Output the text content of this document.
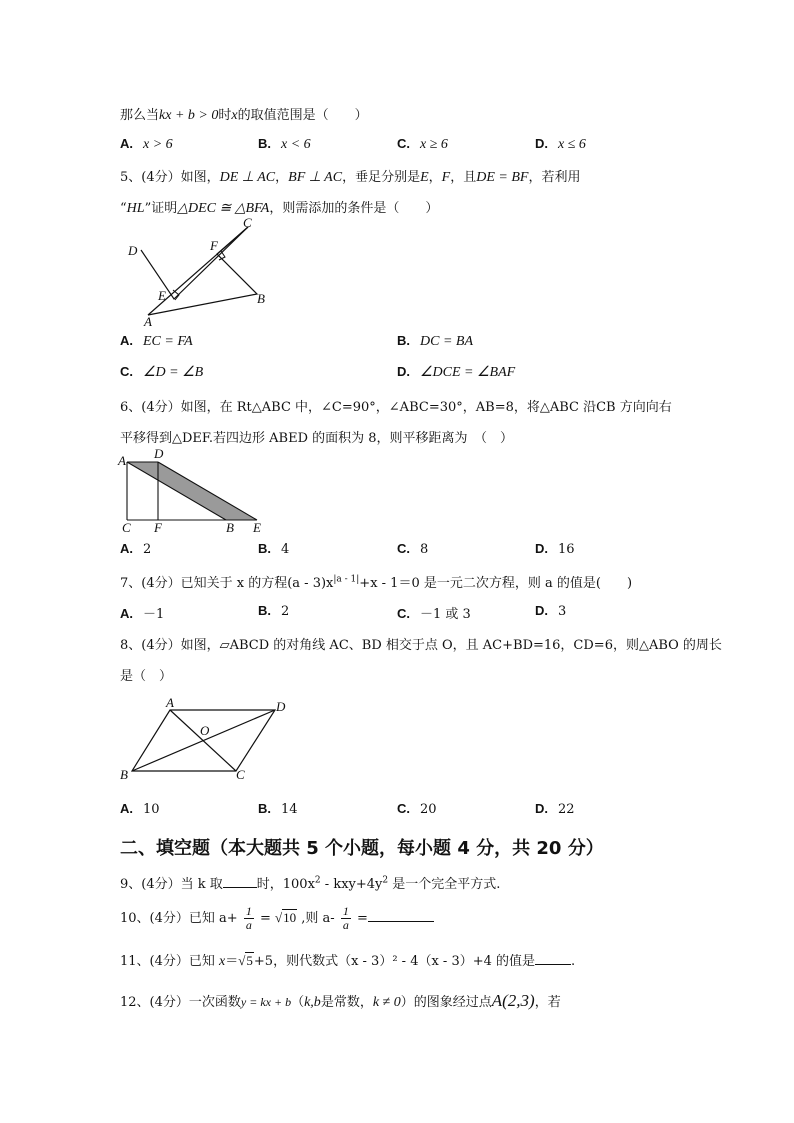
那么当kx + b > 0时x的取值范围是（　　）
A. x > 6	B. x < 6	C. x ≥ 6	D. x ≤ 6
5、(4分）如图，DE ⊥ AC，BF ⊥ AC，垂足分别是E，F，且DE = BF，若利用
“HL”证明△DEC ≅ △BFA，则需添加的条件是（　　）
D
C
F
E	B
A
A. EC = FA	B. DC = BA
C. ∠D = ∠B	D. ∠DCE = ∠BAF
6、(4分）如图，在 Rt△ABC 中，∠C=90°，∠ABC=30°，AB=8，将△ABC 沿CB 方向向右
平移得到△DEF.若四边形 ABED 的面积为 8，则平移距离为　（　）
A D
C F	B E
A. 2	B. 4	C. 8	D. 16
7、(4分）已知关于 x 的方程$(a - 3)x^{|a - 1|}+x - 1=0$ 是一元二次方程，则 a 的值是(　　)
A. －1	B. 2	C. －1 或 3	D. 3
8、(4分）如图，▱ABCD 的对角线 AC、BD 相交于点 O，且 AC+BD=16，CD=6，则△ABO 的周长
是（　）
A	D
O
B	C
A. 10	B. 14	C. 20	D. 22
二、填空题（本大题共 5 个小题，每小题 4 分，共 20 分）
9、(4分）当 k 取	时，$100x^2 - kxy+4y^2$ 是一个完全平方式.
10、(4分）已知 $a+ \frac{1}{a} = √10$ ,则 $a- \frac{1}{a}$ =
11、(4分）已知 x＝√5+5，则代数式（x - 3）² - 4（x - 3）+4 的值是	.
12、(4分）一次函数y = kx + b（k,b是常数，k ≠ 0）的图象经过点A(2,3)，若
